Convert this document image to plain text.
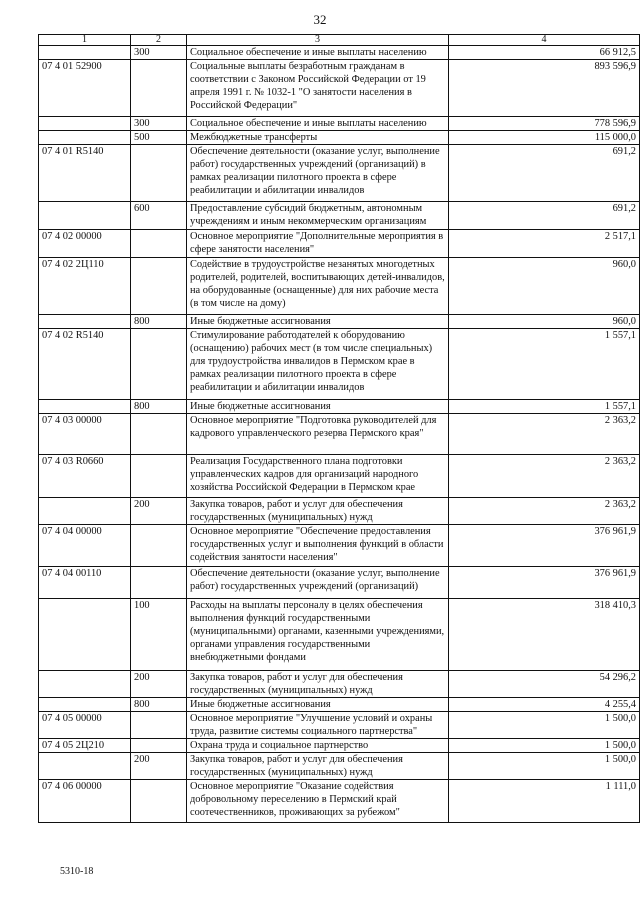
32
1	2	3	4
	300	Социальное обеспечение и иные выплаты населению	66 912,5
07 4 01 52900		Социальные выплаты безработным гражданам в соответствии с Законом Российской Федерации от 19 апреля 1991 г. № 1032-1 "О занятости населения в Российской Федерации"	893 596,9
	300	Социальное обеспечение и иные выплаты населению	778 596,9
	500	Межбюджетные трансферты	115 000,0
07 4 01 R5140		Обеспечение деятельности (оказание услуг, выполнение работ) государственных учреждений (организаций) в рамках реализации пилотного проекта в сфере реабилитации и абилитации инвалидов	691,2
	600	Предоставление субсидий бюджетным, автономным учреждениям и иным некоммерческим организациям	691,2
07 4 02 00000		Основное мероприятие "Дополнительные мероприятия в сфере занятости населения"	2 517,1
07 4 02 2Ц110		Содействие в трудоустройстве незанятых многодетных родителей, родителей, воспитывающих детей-инвалидов, на оборудованные (оснащенные) для них рабочие места (в том числе на дому)	960,0
	800	Иные бюджетные ассигнования	960,0
07 4 02 R5140		Стимулирование работодателей к оборудованию (оснащению) рабочих мест (в том числе специальных) для трудоустройства инвалидов в Пермском крае в рамках реализации пилотного проекта в сфере реабилитации и абилитации инвалидов	1 557,1
	800	Иные бюджетные ассигнования	1 557,1
07 4 03 00000		Основное мероприятие "Подготовка руководителей для кадрового управленческого резерва Пермского края"	2 363,2
07 4 03 R0660		Реализация Государственного плана подготовки управленческих кадров для организаций народного хозяйства Российской Федерации в Пермском крае	2 363,2
	200	Закупка товаров, работ и услуг для обеспечения государственных (муниципальных) нужд	2 363,2
07 4 04 00000		Основное мероприятие "Обеспечение предоставления государственных услуг и выполнения функций в области содействия занятости населения"	376 961,9
07 4 04 00110		Обеспечение деятельности (оказание услуг, выполнение работ) государственных учреждений (организаций)	376 961,9
	100	Расходы на выплаты персоналу в целях обеспечения выполнения функций государственными (муниципальными) органами, казенными учреждениями, органами управления государственными внебюджетными фондами	318 410,3
	200	Закупка товаров, работ и услуг для обеспечения государственных (муниципальных) нужд	54 296,2
	800	Иные бюджетные ассигнования	4 255,4
07 4 05 00000		Основное мероприятие "Улучшение условий и охраны труда, развитие системы социального партнерства"	1 500,0
07 4 05 2Ц210		Охрана труда и социальное партнерство	1 500,0
	200	Закупка товаров, работ и услуг для обеспечения государственных (муниципальных) нужд	1 500,0
07 4 06 00000		Основное мероприятие "Оказание содействия добровольному переселению в Пермский край соотечественников, проживающих за рубежом"	1 111,0
5310-18
